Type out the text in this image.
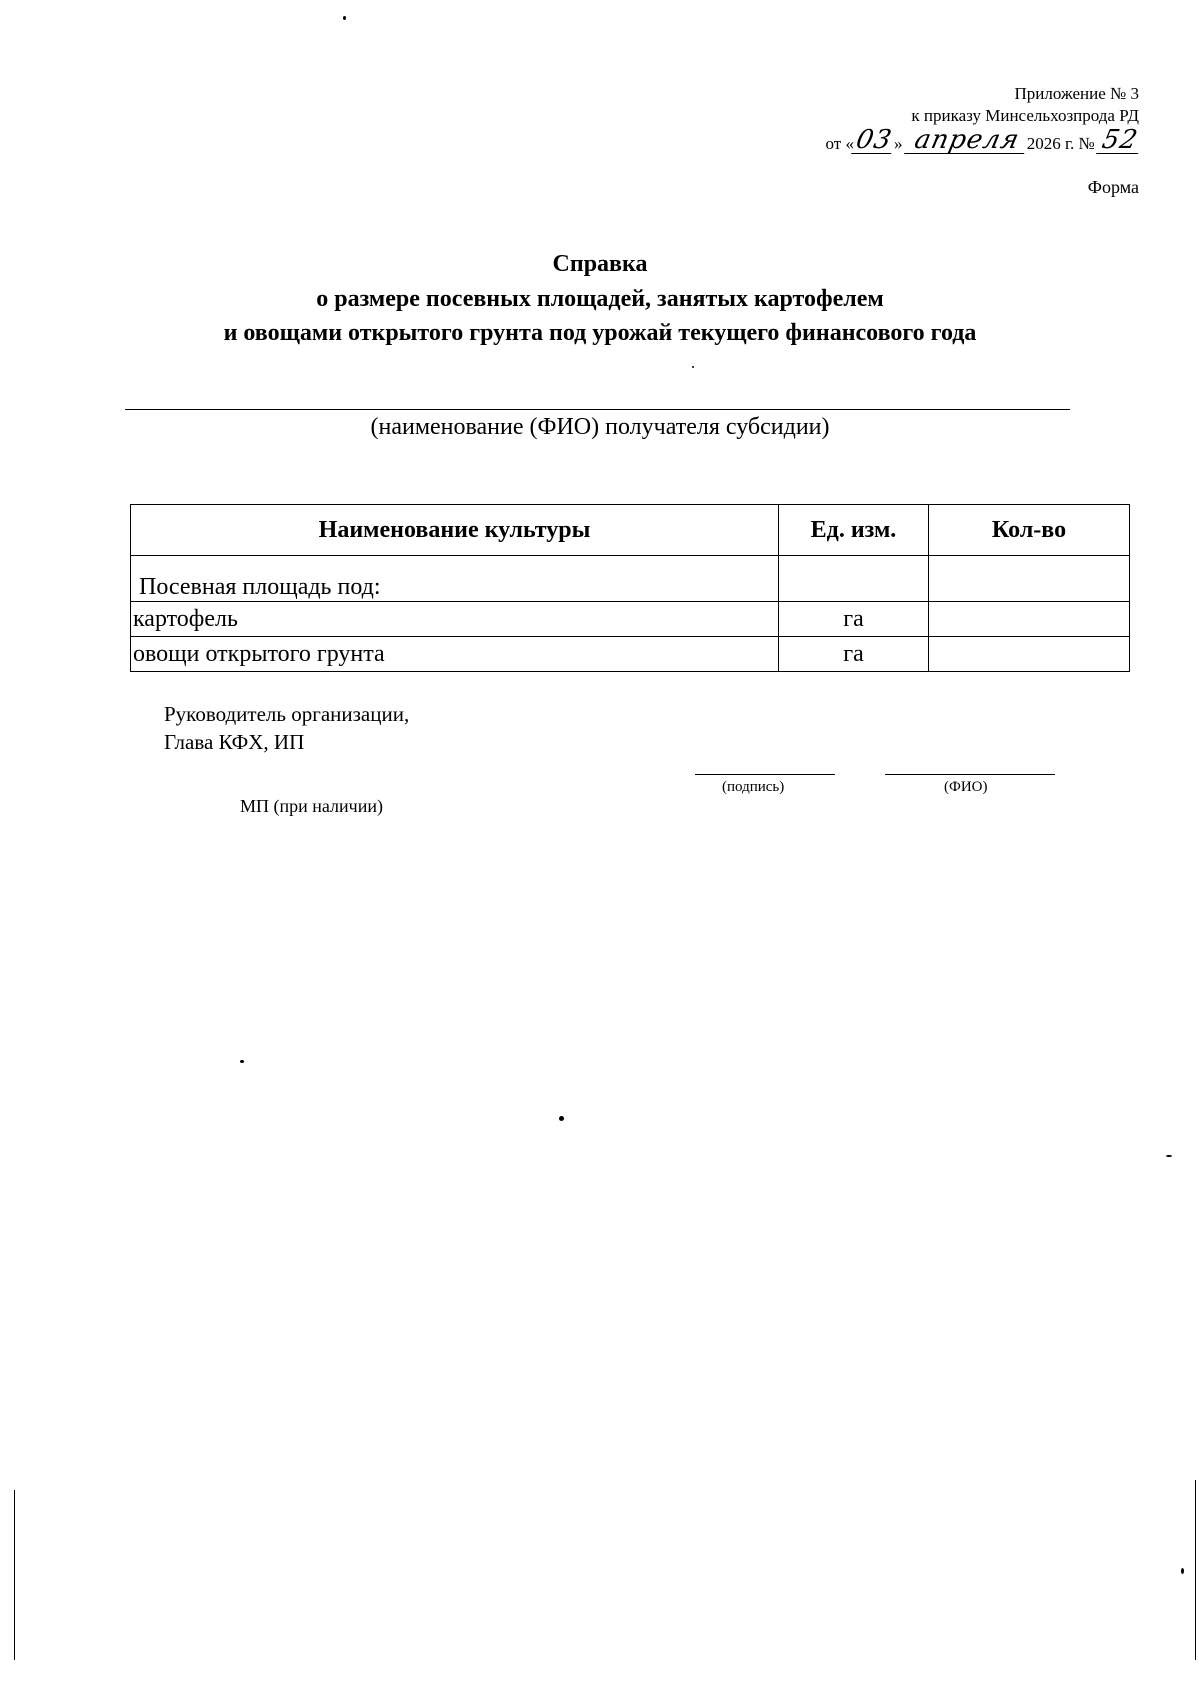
Приложение № 3
к приказу Минсельхозпрода РД
от «03» апреля 2026 г. № 52
Форма
Справка
о размере посевных площадей, занятых картофелем
и овощами открытого грунта под урожай текущего финансового года
(наименование (ФИО) получателя субсидии)
Наименование культуры	Ед. изм.	Кол-во
Посевная площадь под:		
картофель	га	
овощи открытого грунта	га	
Руководитель организации,
Глава КФХ, ИП
(подпись)	(ФИО)
МП (при наличии)
